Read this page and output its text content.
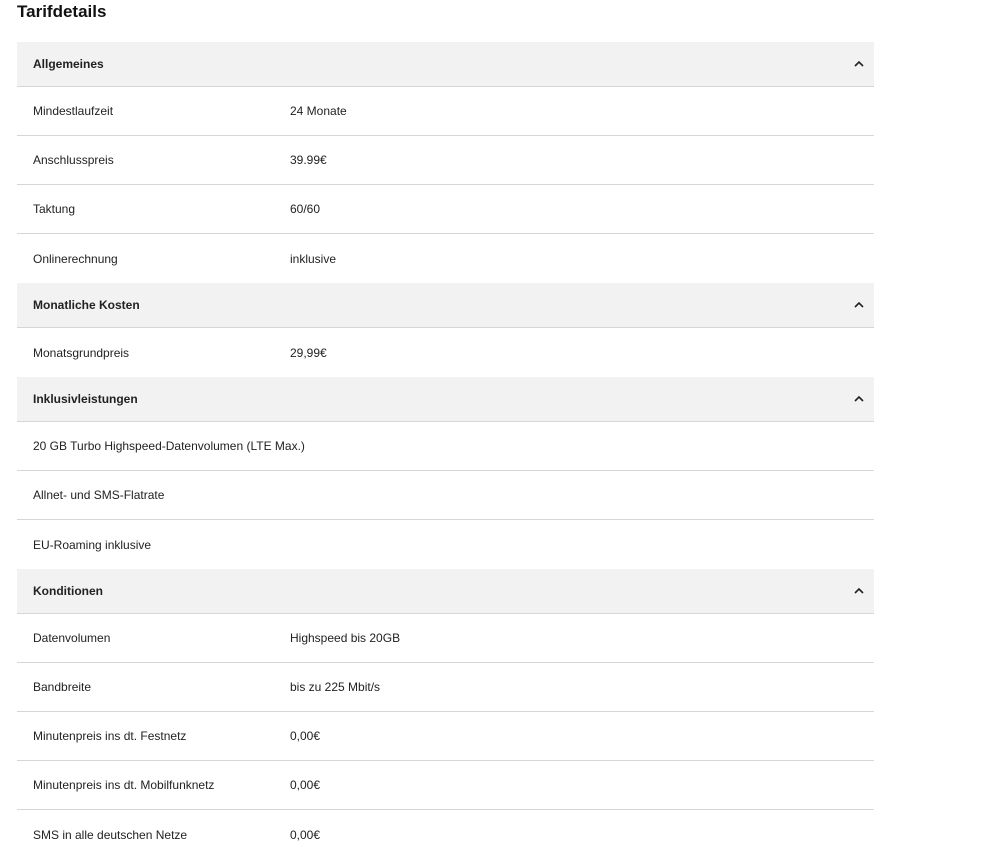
Tarifdetails
Allgemeines
Mindestlaufzeit	24 Monate
Anschlusspreis	39.99€
Taktung	60/60
Onlinerechnung	inklusive
Monatliche Kosten
Monatsgrundpreis	29,99€
Inklusivleistungen
20 GB Turbo Highspeed-Datenvolumen (LTE Max.)
Allnet- und SMS-Flatrate
EU-Roaming inklusive
Konditionen
Datenvolumen	Highspeed bis 20GB
Bandbreite	bis zu 225 Mbit/s
Minutenpreis ins dt. Festnetz	0,00€
Minutenpreis ins dt. Mobilfunknetz	0,00€
SMS in alle deutschen Netze	0,00€
